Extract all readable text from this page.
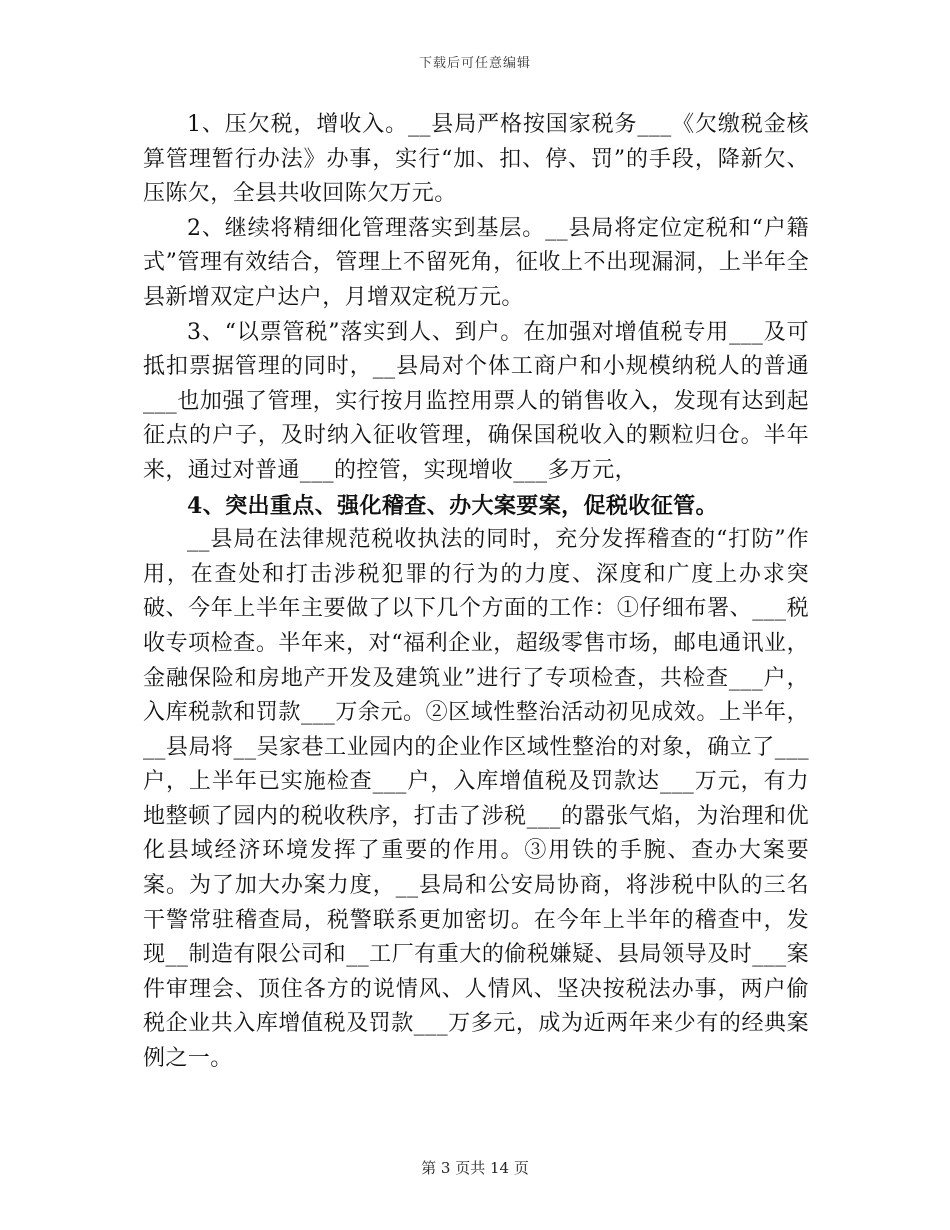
下载后可任意编辑

1、压欠税，增收入。__县局严格按国家税务___《欠缴税金核算管理暂行办法》办事，实行“加、扣、停、罚”的手段，降新欠、压陈欠，全县共收回陈欠万元。

2、继续将精细化管理落实到基层。__县局将定位定税和“户籍式”管理有效结合，管理上不留死角，征收上不出现漏洞，上半年全县新增双定户达户，月增双定税万元。

3、“以票管税”落实到人、到户。在加强对增值税专用___及可抵扣票据管理的同时，__县局对个体工商户和小规模纳税人的普通___也加强了管理，实行按月监控用票人的销售收入，发现有达到起征点的户子，及时纳入征收管理，确保国税收入的颗粒归仓。半年来，通过对普通___的控管，实现增收___多万元，

4、突出重点、强化稽查、办大案要案，促税收征管。

__县局在法律规范税收执法的同时，充分发挥稽查的“打防”作用，在查处和打击涉税犯罪的行为的力度、深度和广度上办求突破、今年上半年主要做了以下几个方面的工作：①仔细布署、___税收专项检查。半年来，对“福利企业，超级零售市场，邮电通讯业，金融保险和房地产开发及建筑业”进行了专项检查，共检查___户，入库税款和罚款___万余元。②区域性整治活动初见成效。上半年，__县局将__吴家巷工业园内的企业作区域性整治的对象，确立了___户，上半年已实施检查___户，入库增值税及罚款达___万元，有力地整顿了园内的税收秩序，打击了涉税___的嚣张气焰，为治理和优化县域经济环境发挥了重要的作用。③用铁的手腕、查办大案要案。为了加大办案力度，__县局和公安局协商，将涉税中队的三名干警常驻稽查局，税警联系更加密切。在今年上半年的稽查中，发现__制造有限公司和__工厂有重大的偷税嫌疑、县局领导及时___案件审理会、顶住各方的说情风、人情风、坚决按税法办事，两户偷税企业共入库增值税及罚款___万多元，成为近两年来少有的经典案例之一。

第 3 页共 14 页
